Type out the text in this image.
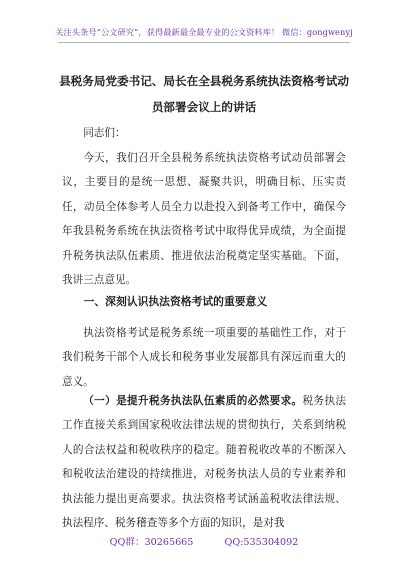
关注头条号“公文研究”，获得最新最全最专业的公文资料库！ 微信：gongwenyj
县税务局党委书记、局长在全县税务系统执法资格考试动
员部署会议上的讲话
同志们：
今天，我们召开全县税务系统执法资格考试动员部署会议，主要目的是统一思想、凝聚共识，明确目标、压实责任，动员全体参考人员全力以赴投入到备考工作中，确保今年我县税务系统在执法资格考试中取得优异成绩，为全面提升税务执法队伍素质、推进依法治税奠定坚实基础。下面，我讲三点意见。
一、深刻认识执法资格考试的重要意义
执法资格考试是税务系统一项重要的基础性工作，对于我们税务干部个人成长和税务事业发展都具有深远而重大的意义。
（一）是提升税务执法队伍素质的必然要求。税务执法工作直接关系到国家税收法律法规的贯彻执行，关系到纳税人的合法权益和税收秩序的稳定。随着税收改革的不断深入和税收法治建设的持续推进，对税务执法人员的专业素养和执法能力提出更高要求。执法资格考试涵盖税收法律法规、执法程序、税务稽查等多个方面的知识，是对我
QQ群：30265665	QQ:535304092
